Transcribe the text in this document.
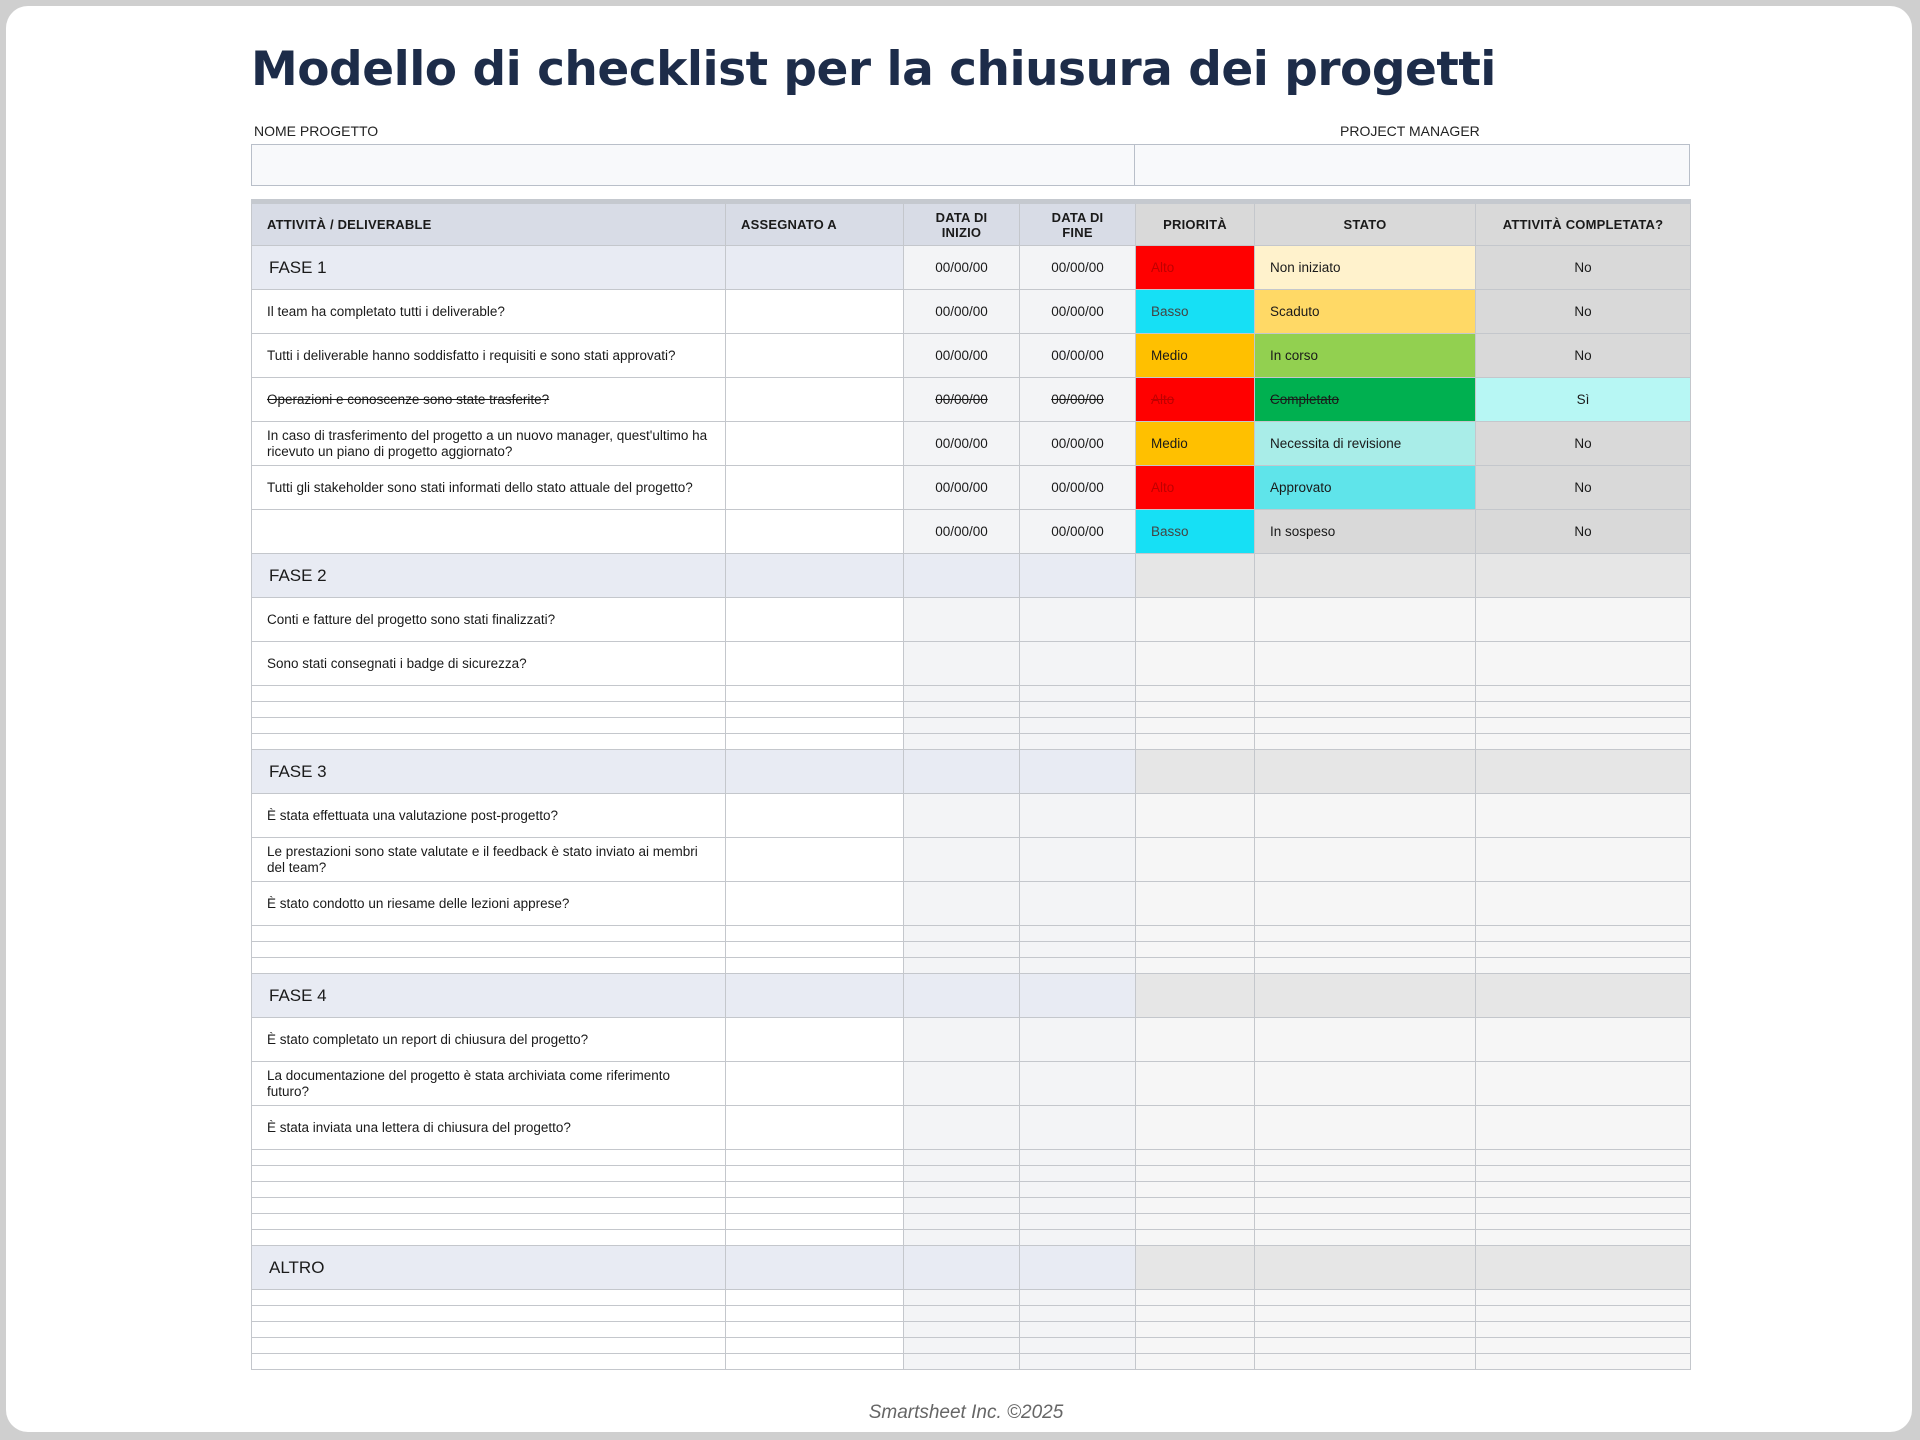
Modello di checklist per la chiusura dei progetti
NOME PROGETTO	PROJECT MANAGER
ATTIVITÀ / DELIVERABLE	ASSEGNATO A	DATA DI INIZIO	DATA DI FINE	PRIORITÀ	STATO	ATTIVITÀ COMPLETATA?
FASE 1		00/00/00	00/00/00	Alto	Non iniziato	No
Il team ha completato tutti i deliverable?		00/00/00	00/00/00	Basso	Scaduto	No
Tutti i deliverable hanno soddisfatto i requisiti e sono stati approvati?		00/00/00	00/00/00	Medio	In corso	No
Operazioni e conoscenze sono state trasferite?		00/00/00	00/00/00	Alto	Completato	Sì
In caso di trasferimento del progetto a un nuovo manager, quest'ultimo ha ricevuto un piano di progetto aggiornato?		00/00/00	00/00/00	Medio	Necessita di revisione	No
Tutti gli stakeholder sono stati informati dello stato attuale del progetto?		00/00/00	00/00/00	Alto	Approvato	No
		00/00/00	00/00/00	Basso	In sospeso	No
FASE 2						
Conti e fatture del progetto sono stati finalizzati?						
Sono stati consegnati i badge di sicurezza?						

FASE 3						
È stata effettuata una valutazione post-progetto?						
Le prestazioni sono state valutate e il feedback è stato inviato ai membri del team?						
È stato condotto un riesame delle lezioni apprese?						

FASE 4						
È stato completato un report di chiusura del progetto?						
La documentazione del progetto è stata archiviata come riferimento futuro?						
È stata inviata una lettera di chiusura del progetto?						

ALTRO						

Smartsheet Inc. ©2025
